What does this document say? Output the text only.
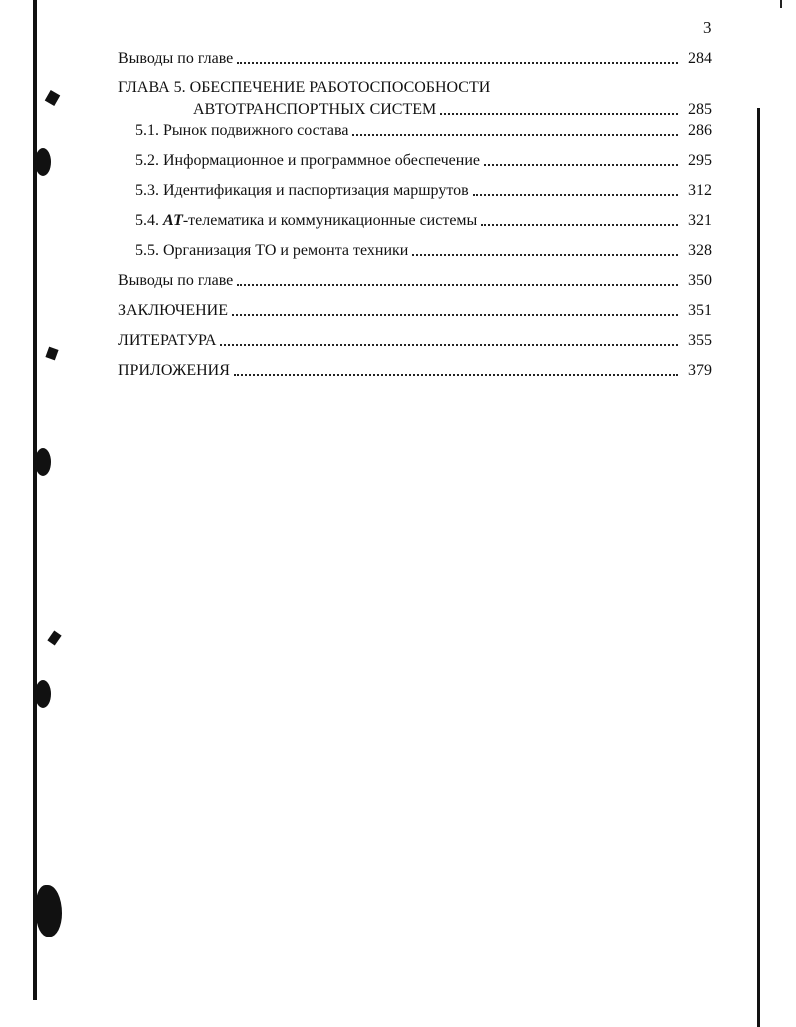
3
Выводы по главе	284
ГЛАВА 5. ОБЕСПЕЧЕНИЕ РАБОТОСПОСОБНОСТИ
АВТОТРАНСПОРТНЫХ СИСТЕМ	285
5.1. Рынок подвижного состава	286
5.2. Информационное и программное обеспечение	295
5.3. Идентификация и паспортизация маршрутов	312
5.4. АТ-телематика и коммуникационные системы	321
5.5. Организация ТО и ремонта техники	328
Выводы по главе	350
ЗАКЛЮЧЕНИЕ	351
ЛИТЕРАТУРА	355
ПРИЛОЖЕНИЯ	379
